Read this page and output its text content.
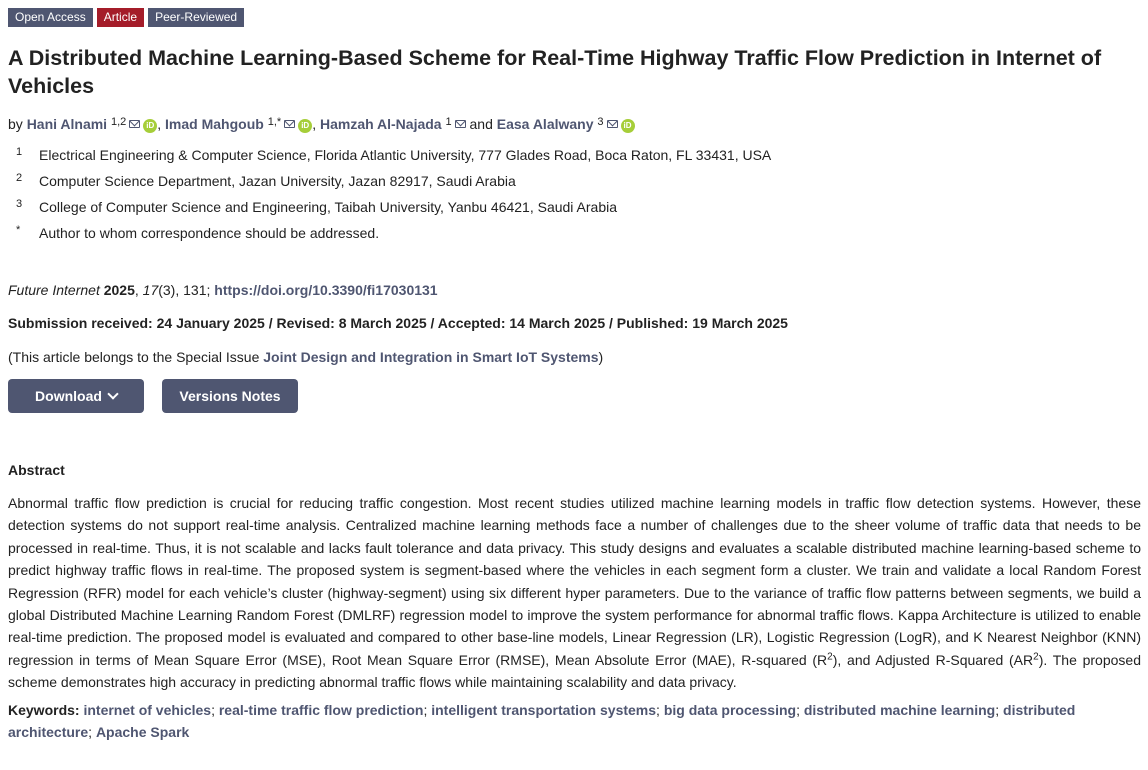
Open Access	Article	Peer-Reviewed
A Distributed Machine Learning-Based Scheme for Real-Time Highway Traffic Flow Prediction in Internet of Vehicles
by Hani Alnami $^{1,2}$	iD , Imad Mahgoub $^{1,*}$	iD , Hamzah Al-Najada $^1$ and Easa Alalwany $^3$	iD
1	Electrical Engineering & Computer Science, Florida Atlantic University, 777 Glades Road, Boca Raton, FL 33431, USA
2	Computer Science Department, Jazan University, Jazan 82917, Saudi Arabia
3	College of Computer Science and Engineering, Taibah University, Yanbu 46421, Saudi Arabia
*	Author to whom correspondence should be addressed.
Future Internet 2025, 17(3), 131; https://doi.org/10.3390/fi17030131
Submission received: 24 January 2025 / Revised: 8 March 2025 / Accepted: 14 March 2025 / Published: 19 March 2025
(This article belongs to the Special Issue Joint Design and Integration in Smart IoT Systems)
Download	Versions Notes
Abstract
Abnormal traffic flow prediction is crucial for reducing traffic congestion. Most recent studies utilized machine learning models in traffic flow detection systems. However, these detection systems do not support real-time analysis. Centralized machine learning methods face a number of challenges due to the sheer volume of traffic data that needs to be processed in real-time. Thus, it is not scalable and lacks fault tolerance and data privacy. This study designs and evaluates a scalable distributed machine learning-based scheme to predict highway traffic flows in real-time. The proposed system is segment-based where the vehicles in each segment form a cluster. We train and validate a local Random Forest Regression (RFR) model for each vehicle’s cluster (highway-segment) using six different hyper parameters. Due to the variance of traffic flow patterns between segments, we build a global Distributed Machine Learning Random Forest (DMLRF) regression model to improve the system performance for abnormal traffic flows. Kappa Architecture is utilized to enable real-time prediction. The proposed model is evaluated and compared to other base-line models, Linear Regression (LR), Logistic Regression (LogR), and K Nearest Neighbor (KNN) regression in terms of Mean Square Error (MSE), Root Mean Square Error (RMSE), Mean Absolute Error (MAE), R-squared $(R^2)$, and Adjusted R-Squared $(AR^2)$. The proposed scheme demonstrates high accuracy in predicting abnormal traffic flows while maintaining scalability and data privacy.
Keywords: internet of vehicles; real-time traffic flow prediction; intelligent transportation systems; big data processing; distributed machine learning; distributed architecture; Apache Spark
